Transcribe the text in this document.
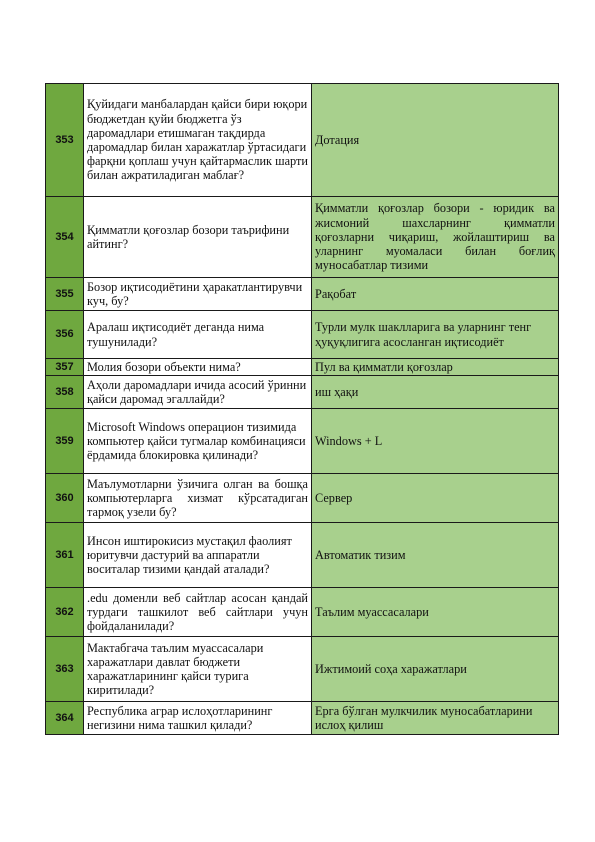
353	Қуйидаги манбалардан қайси бири юқори бюджетдан қуйи бюджетга ўз даромадлари етишмаган тақдирда даромадлар билан харажатлар ўртасидаги фарқни қоплаш учун қайтармаслик шарти билан ажратиладиган маблағ?	Дотация
354	Қимматли қоғозлар бозори таърифини айтинг?	Қимматли қоғозлар бозори - юридик ва жисмоний шахсларнинг қимматли қоғозларни чиқариш, жойлаштириш ва уларнинг муомаласи билан боғлиқ муносабатлар тизими
355	Бозор иқтисодиётини ҳаракатлантирувчи куч, бу?	Рақобат
356	Аралаш иқтисодиёт деганда нима тушунилади?	Турли мулк шаклларига ва уларнинг тенг ҳуқуқлигига асосланган иқтисодиёт
357	Молия бозори объекти нима?	Пул ва қимматли қоғозлар
358	Аҳоли даромадлари ичида асосий ўринни қайси даромад эгаллайди?	иш ҳақи
359	Microsoft Windows операцион тизимида компьютер қайси тугмалар комбинацияси ёрдамида блокировка қилинади?	Windows + L
360	Маълумотларни ўзичига олган ва бошқа компьютерларга хизмат кўрсатадиган тармоқ узели бу?	Сервер
361	Инсон иштирокисиз мустақил фаолият юритувчи дастурий ва аппаратли воситалар тизими қандай аталади?	Автоматик тизим
362	.edu доменли веб сайтлар асосан қандай турдаги ташкилот веб сайтлари учун фойдаланилади?	Таълим муассасалари
363	Мактабгача таълим муассасалари харажатлари давлат бюджети харажатларининг қайси турига киритилади?	Ижтимоий соҳа харажатлари
364	Республика аграр ислоҳотларининг негизини нима ташкил қилади?	Ерга бўлган мулкчилик муносабатларини ислоҳ қилиш
